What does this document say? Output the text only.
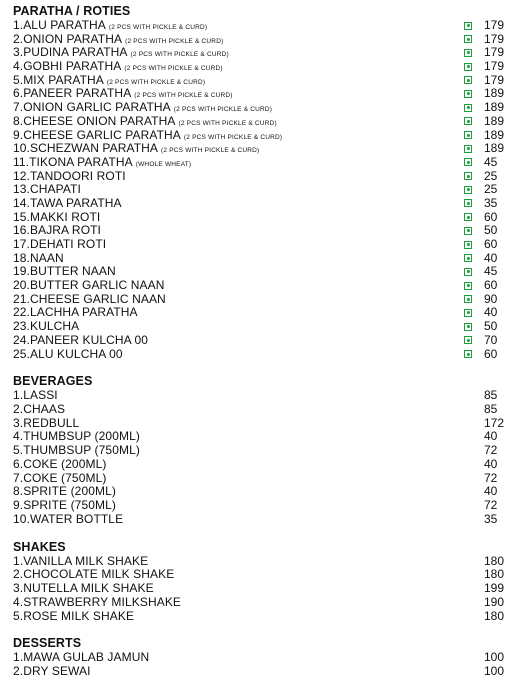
PARATHA / ROTIES
1.ALU PARATHA (2 PCS WITH PICKLE & CURD)	179
2.ONION PARATHA (2 PCS WITH PICKLE & CURD)	179
3.PUDINA PARATHA (2 PCS WITH PICKLE & CURD)	179
4.GOBHI PARATHA (2 PCS WITH PICKLE & CURD)	179
5.MIX PARATHA (2 PCS WITH PICKLE & CURD)	179
6.PANEER PARATHA (2 PCS WITH PICKLE & CURD)	189
7.ONION GARLIC PARATHA (2 PCS WITH PICKLE & CURD)	189
8.CHEESE ONION PARATHA (2 PCS WITH PICKLE & CURD)	189
9.CHEESE GARLIC PARATHA (2 PCS WITH PICKLE & CURD)	189
10.SCHEZWAN PARATHA (2 PCS WITH PICKLE & CURD)	189
11.TIKONA PARATHA (WHOLE WHEAT)	45
12.TANDOORI ROTI	25
13.CHAPATI	25
14.TAWA PARATHA	35
15.MAKKI ROTI	60
16.BAJRA ROTI	50
17.DEHATI ROTI	60
18.NAAN	40
19.BUTTER NAAN	45
20.BUTTER GARLIC NAAN	60
21.CHEESE GARLIC NAAN	90
22.LACHHA PARATHA	40
23.KULCHA	50
24.PANEER KULCHA 00	70
25.ALU KULCHA 00	60
BEVERAGES
1.LASSI	85
2.CHAAS	85
3.REDBULL	172
4.THUMBSUP (200ML)	40
5.THUMBSUP (750ML)	72
6.COKE (200ML)	40
7.COKE (750ML)	72
8.SPRITE (200ML)	40
9.SPRITE (750ML)	72
10.WATER BOTTLE	35
SHAKES
1.VANILLA MILK SHAKE	180
2.CHOCOLATE MILK SHAKE	180
3.NUTELLA MILK SHAKE	199
4.STRAWBERRY MILKSHAKE	190
5.ROSE MILK SHAKE	180
DESSERTS
1.MAWA GULAB JAMUN	100
2.DRY SEWAI	100
